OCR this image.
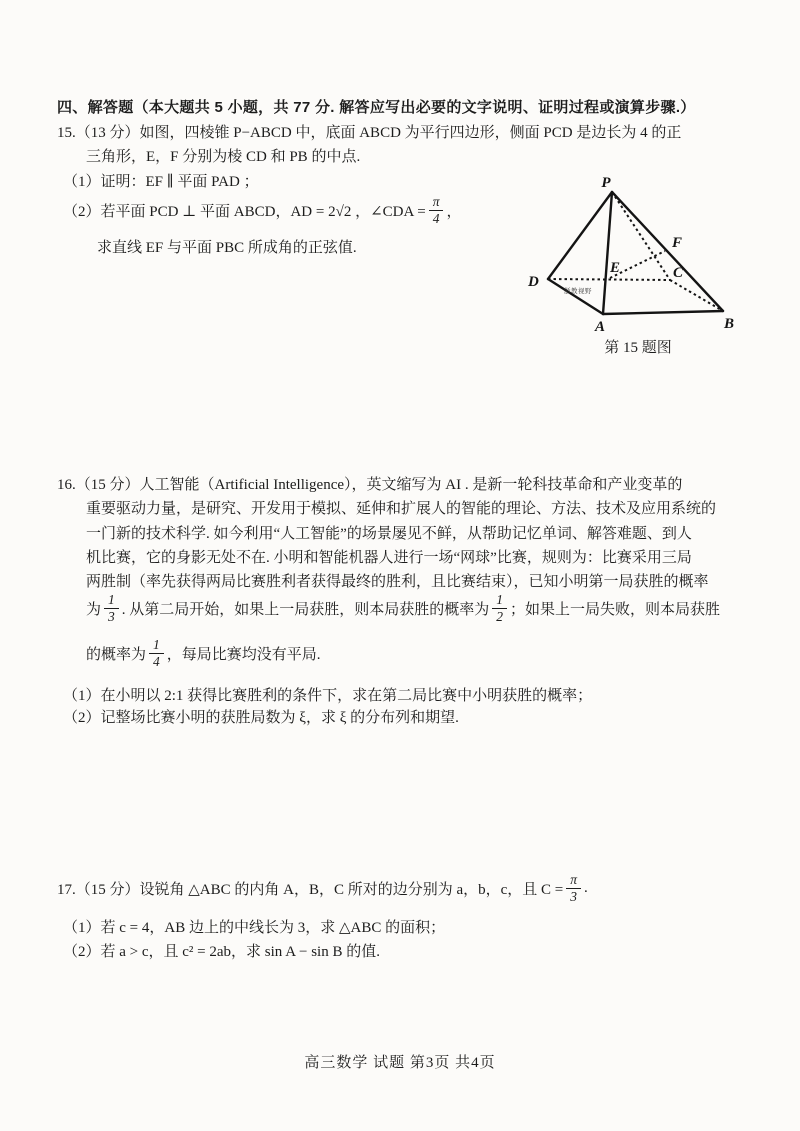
四、解答题（本大题共 5 小题，共 77 分. 解答应写出必要的文字说明、证明过程或演算步骤.）
15.（13 分）如图，四棱锥 P−ABCD 中，底面 ABCD 为平行四边形，侧面 PCD 是边长为 4 的正
三角形，E，F 分别为棱 CD 和 PB 的中点.
（1）证明：EF ∥ 平面 PAD ；
（2）若平面 PCD ⊥ 平面 ABCD，AD = 2√2 ，∠CDA = $\frac{\pi}{4}$ ，
求直线 EF 与平面 PBC 所成角的正弦值.
P
D
A	B
C
E
F
浙教视野
第 15 题图
16.（15 分）人工智能（Artificial Intelligence），英文缩写为 AI . 是新一轮科技革命和产业变革的
重要驱动力量，是研究、开发用于模拟、延伸和扩展人的智能的理论、方法、技术及应用系统的
一门新的技术科学. 如今利用“人工智能”的场景屡见不鲜，从帮助记忆单词、解答难题、到人
机比赛，它的身影无处不在. 小明和智能机器人进行一场“网球”比赛，规则为：比赛采用三局
两胜制（率先获得两局比赛胜利者获得最终的胜利，且比赛结束），已知小明第一局获胜的概率
为 $\frac{1}{3}$ . 从第二局开始，如果上一局获胜，则本局获胜的概率为 $\frac{1}{2}$ ；如果上一局失败，则本局获胜
的概率为 $\frac{1}{4}$ ，每局比赛均没有平局.
（1）在小明以 2:1 获得比赛胜利的条件下，求在第二局比赛中小明获胜的概率；
（2）记整场比赛小明的获胜局数为 ξ，求 ξ 的分布列和期望.
17.（15 分）设锐角 △ABC 的内角 A，B，C 所对的边分别为 a，b，c，且 $C = \frac{\pi}{3}$ .
（1）若 c = 4，AB 边上的中线长为 3，求 △ABC 的面积；
（2）若 a > c，且 c² = 2ab，求 sin A − sin B 的值.
高三数学 试题 第3页 共4页
